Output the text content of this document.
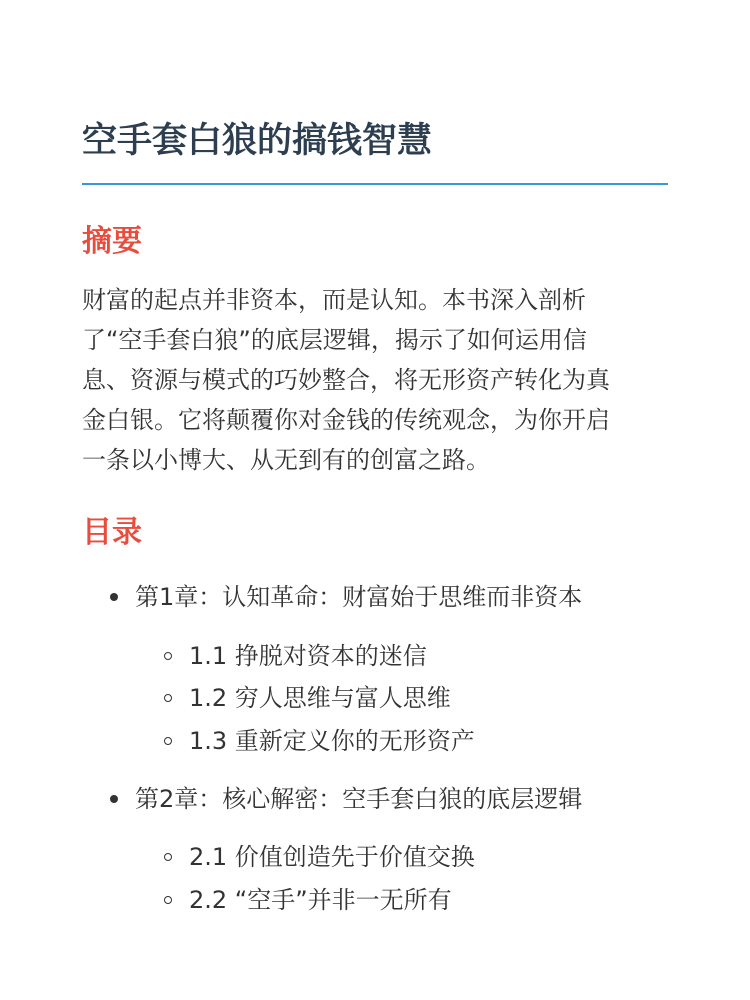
空手套白狼的搞钱智慧
摘要

财富的起点并非资本，而是认知。本书深入剖析
了“空手套白狼”的底层逻辑，揭示了如何运用信
息、资源与模式的巧妙整合，将无形资产转化为真
金白银。它将颠覆你对金钱的传统观念，为你开启
一条以小博大、从无到有的创富之路。

目录
第1章：认知革命：财富始于思维而非资本
1.1 挣脱对资本的迷信
1.2 穷人思维与富人思维
1.3 重新定义你的无形资产
第2章：核心解密：空手套白狼的底层逻辑
2.1 价值创造先于价值交换
2.2 “空手”并非一无所有
